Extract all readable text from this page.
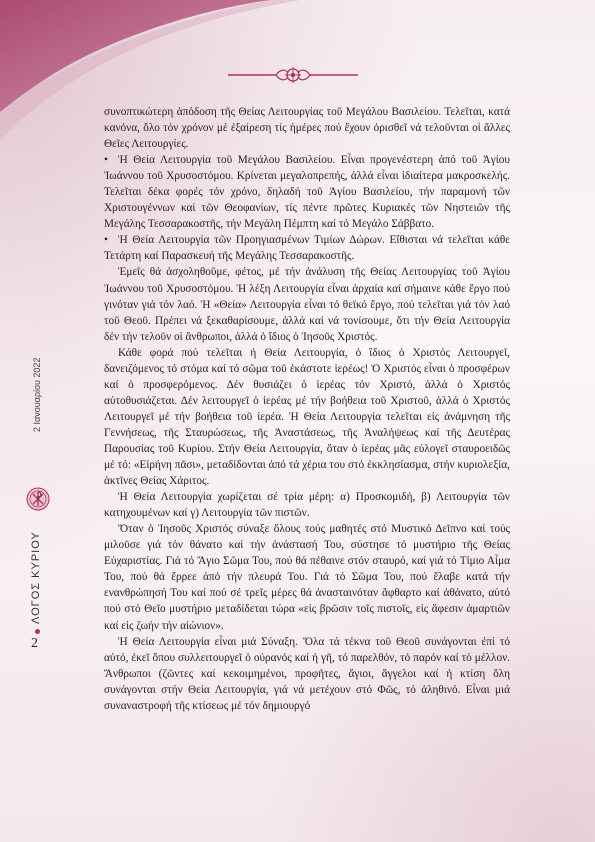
2 Ιανουαρίου 2022
ΛΟΓΟΣ ΚΥΡΙΟΥ
2

συνοπτικώτερη ἀπόδοση τῆς Θείας Λειτουργίας τοῦ Μεγάλου Βασιλείου. Τελεῖται, κατά κανόνα, ὅλο τόν χρόνον μέ ἐξαίρεση τίς ἡμέρες πού ἔχουν ὁρισθεῖ νά τελοῦνται οἱ ἄλλες Θεῖες Λειτουργίες.

• Ἡ Θεία Λειτουργία τοῦ Μεγάλου Βασιλείου. Εἶναι προγενέστερη ἀπό τοῦ Ἁγίου Ἰωάννου τοῦ Χρυσοστόμου. Κρίνεται μεγαλοπρεπής, ἀλλά εἶναι ἰδιαίτερα μακροσκελής. Τελεῖται δέκα φορές τόν χρόνο, δηλαδή τοῦ Ἁγίου Βασιλείου, τήν παραμονή τῶν Χριστουγέννων καί τῶν Θεοφανίων, τίς πέντε πρῶτες Κυριακές τῶν Νηστειῶν τῆς Μεγάλης Τεσσαρακοστῆς, τήν Μεγάλη Πέμπτη καί τό Μεγάλο Σάββατο.

• Ἡ Θεία Λειτουργία τῶν Προηγιασμένων Τιμίων Δώρων. Εἴθισται νά τελεῖται κάθε Τετάρτη καί Παρασκευή τῆς Μεγάλης Τεσσαρακοστῆς.

Ἐμεῖς θά ἀσχοληθοῦμε, φέτος, μέ τήν ἀνάλυση τῆς Θείας Λειτουργίας τοῦ Ἁγίου Ἰωάννου τοῦ Χρυσοστόμου. Ἡ λέξη Λειτουργία εἶναι ἀρχαία καί σήμαινε κάθε ἔργο πού γινόταν γιά τόν λαό. Ἡ «Θεία» Λειτουργία εἶναι τό θεϊκό ἔργο, πού τελεῖται γιά τόν λαό τοῦ Θεοῦ. Πρέπει νά ξεκαθαρίσουμε, ἀλλά καί νά τονίσουμε, ὅτι τήν Θεία Λειτουργία δέν τήν τελοῦν οἱ ἄνθρωποι, ἀλλά ὁ ἴδιος ὁ Ἰησοῦς Χριστός.

Κάθε φορά πού τελεῖται ἡ Θεία Λειτουργία, ὁ ἴδιος ὁ Χριστός Λειτουργεῖ, δανειζόμενος τό στόμα καί τό σῶμα τοῦ ἑκάστοτε ἱερέως! Ὁ Χριστός εἶναι ὁ προσφέρων καί ὁ προσφερόμενος. Δέν θυσιάζει ὁ ἱερέας τόν Χριστό, ἀλλά ὁ Χριστός αὐτοθυσιάζεται. Δέν λειτουργεῖ ὁ ἱερέας μέ τήν βοήθεια τοῦ Χριστοῦ, ἀλλά ὁ Χριστός Λειτουργεῖ μέ τήν βοήθεια τοῦ ἱερέα. Ἡ Θεία Λειτουργία τελεῖται εἰς ἀνάμνηση τῆς Γεννήσεως, τῆς Σταυρώσεως, τῆς Ἀναστάσεως, τῆς Ἀναλήψεως καί τῆς Δευτέρας Παρουσίας τοῦ Κυρίου. Στήν Θεία Λειτουργία, ὅταν ὁ ἱερέας μᾶς εὐλογεῖ σταυροειδῶς μέ τό: «Εἰρήνη πᾶσι», μεταδίδονται ἀπό τά χέρια του στό ἐκκλησίασμα, στήν κυριολεξία, ἀκτῖνες Θείας Χάριτος.

Ἡ Θεία Λειτουργία χωρίζεται σέ τρία μέρη: α) Προσκομιδή, β) Λειτουργία τῶν κατηχουμένων καί γ) Λειτουργία τῶν πιστῶν.

Ὅταν ὁ Ἰησοῦς Χριστός σύναξε ὅλους τούς μαθητές στό Μυστικό Δεῖπνο καί τούς μιλοῦσε γιά τόν θάνατο καί τήν ἀνάστασή Του, σύστησε τό μυστήριο τῆς Θείας Εὐχαριστίας. Γιά τό Ἅγιο Σῶμα Του, πού θά πέθαινε στόν σταυρό, καί γιά τό Τίμιο Αἷμα Του, πού θά ἔρρεε ἀπό τήν πλευρά Του. Γιά τό Σῶμα Του, πού ἔλαβε κατά τήν ενανθρώπησή Του καί πού σέ τρεῖς μέρες θά ἀνασταινόταν ἄφθαρτο καί ἀθάνατο, αὐτό πού στό Θεῖο μυστήριο μεταδίδεται τώρα «εἰς βρῶσιν τοῖς πιστοῖς, εἰς ἄφεσιν ἁμαρτιῶν καί εἰς ζωήν τήν αἰώνιον».

Ἡ Θεία Λειτουργία εἶναι μιά Σύναξη. Ὅλα τά τέκνα τοῦ Θεοῦ συνάγονται ἐπί τό αὐτό, ἐκεῖ ὅπου συλλειτουργεῖ ὁ οὐρανός καί ἡ γῆ, τό παρελθόν, τό παρόν καί τό μέλλον. Ἄνθρωποι (ζῶντες καί κεκοιμημένοι, προφῆτες, ἅγιοι, ἄγγελοι καί ἡ κτίση ὅλη συνάγονται στήν Θεία Λειτουργία, γιά νά μετέχουν στό Φῶς, τό ἀληθινό. Εἶναι μιά συναναστροφή τῆς κτίσεως μέ τόν δημιουργό
